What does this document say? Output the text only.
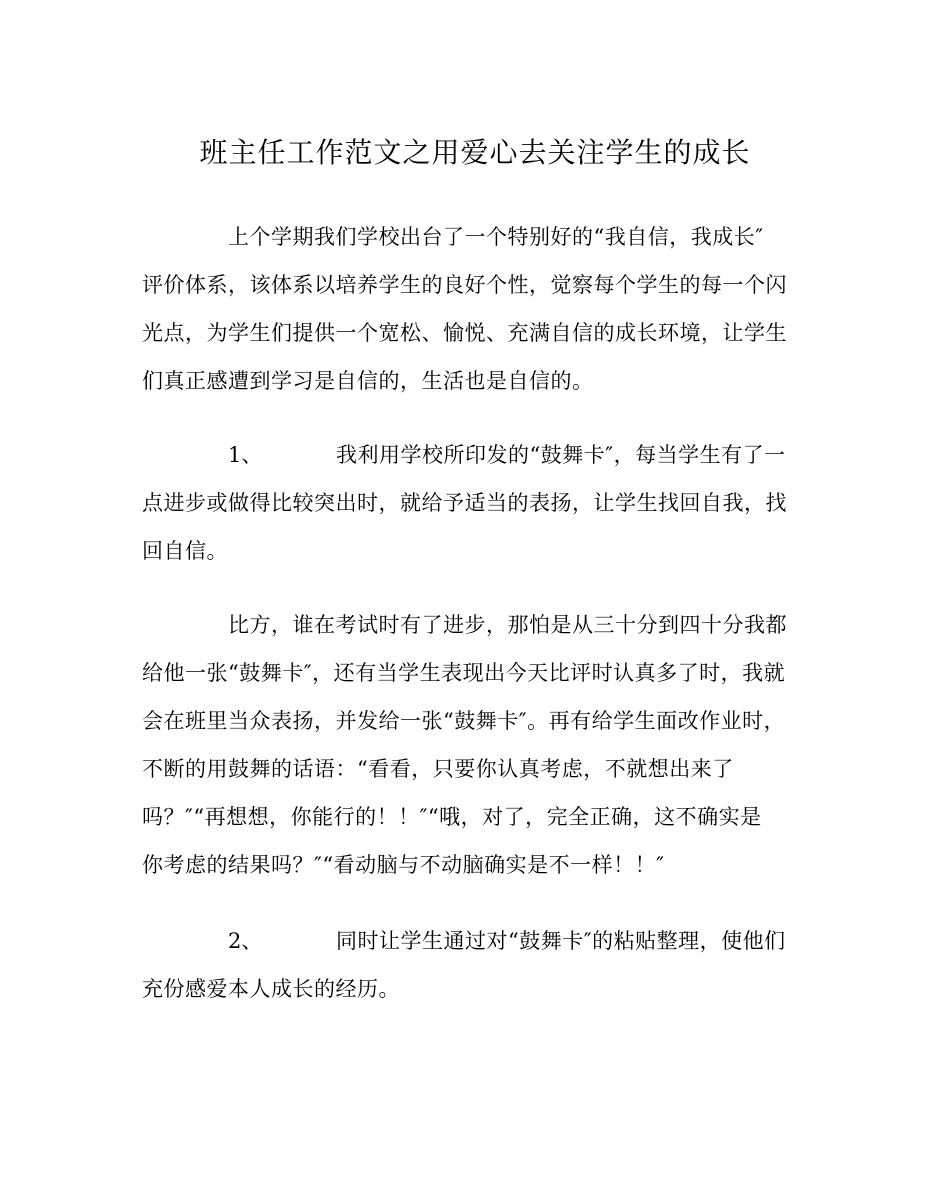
班主任工作范文之用爱心去关注学生的成长
上个学期我们学校出台了一个特别好的“我自信，我成长″
评价体系，该体系以培养学生的良好个性，觉察每个学生的每一个闪
光点，为学生们提供一个宽松、愉悦、充满自信的成长环境，让学生
们真正感遭到学习是自信的，生活也是自信的。
1、	我利用学校所印发的“鼓舞卡″，每当学生有了一
点进步或做得比较突出时，就给予适当的表扬，让学生找回自我，找
回自信。
比方，谁在考试时有了进步，那怕是从三十分到四十分我都
给他一张“鼓舞卡″，还有当学生表现出今天比评时认真多了时，我就
会在班里当众表扬，并发给一张“鼓舞卡″。再有给学生面改作业时，
不断的用鼓舞的话语：“看看，只要你认真考虑，不就想出来了
吗？″“再想想，你能行的！！″“哦，对了，完全正确，这不确实是
你考虑的结果吗？″“看动脑与不动脑确实是不一样！！″
2、	同时让学生通过对“鼓舞卡″的粘贴整理，使他们
充份感爱本人成长的经历。
